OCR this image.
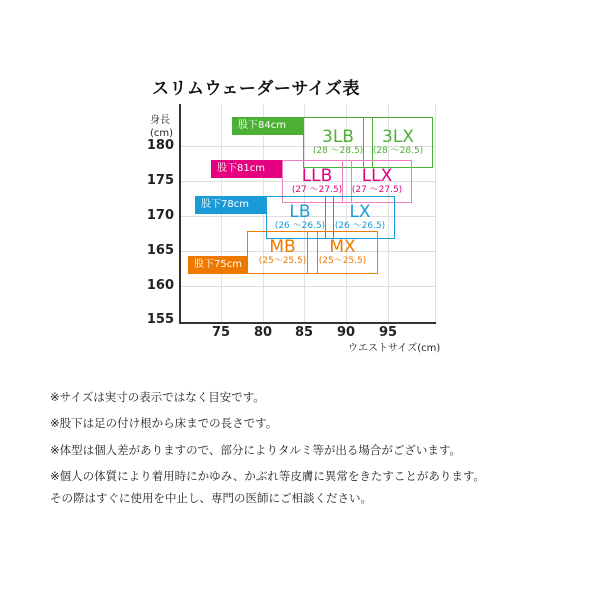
スリムウェーダーサイズ表
身長(cm)
180
175
170
165
160
155
75	80	85	90	95
ウエストサイズ(cm)
3LB
(28 〜28.5)
3LX
(28 〜28.5)
LLB
(27 〜27.5)
LLX
(27 〜27.5)
LB
(26 〜26.5)
LX
(26 〜26.5)
MB
(25〜25.5)
MX
(25〜25.5)
股下84cm
股下81cm
股下78cm
股下75cm
※サイズは実寸の表示ではなく目安です。
※股下は足の付け根から床までの長さです。
※体型は個人差がありますので、部分によりタルミ等が出る場合がございます。
※個人の体質により着用時にかゆみ、かぶれ等皮膚に異常をきたすことがあります。
その際はすぐに使用を中止し、専門の医師にご相談ください。
